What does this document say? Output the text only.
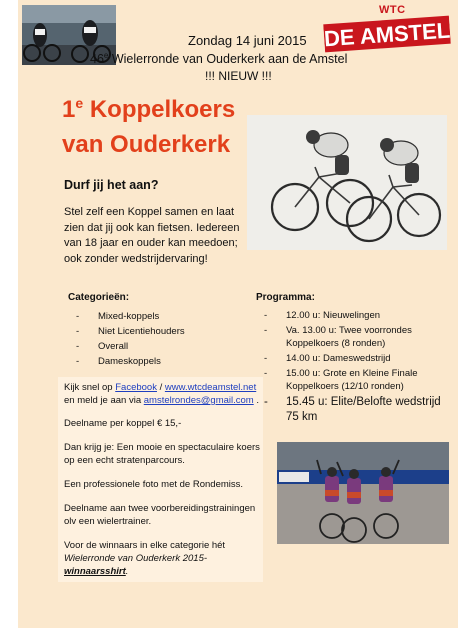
WTC
DE AMSTEL
Zondag 14 juni 2015
46e Wielerronde van Ouderkerk aan de Amstel
!!! NIEUW !!!
1e Koppelkoers
van Ouderkerk
Durf jij het aan?
Stel zelf een Koppel samen en laat zien dat jij ook kan fietsen. Iedereen van 18 jaar en ouder kan meedoen; ook zonder wedstrijdervaring!
Categorieën:
-	Mixed-koppels
-	Niet Licentiehouders
-	Overall
-	Dameskoppels
Programma:
-	12.00 u: Nieuwelingen
-	Va. 13.00 u: Twee voorrondes Koppelkoers (8 ronden)
-	14.00 u: Dameswedstrijd
-	15.00 u: Grote en Kleine Finale Koppelkoers (12/10 ronden)
-	15.45 u: Elite/Belofte wedstrijd 75 km

Kijk snel op Facebook / www.wtcdeamstel.net
en meld je aan via amstelrondes@gmail.com .

Deelname per koppel € 15,-

Dan krijg je: Een mooie en spectaculaire koers op een echt stratenparcours.

Een professionele foto met de Rondemiss.

Deelname aan twee voorbereidingstrainingen olv een wielertrainer.

Voor de winnaars in elke categorie hét
Wielerronde van Ouderkerk 2015-
winnaarsshirt.
